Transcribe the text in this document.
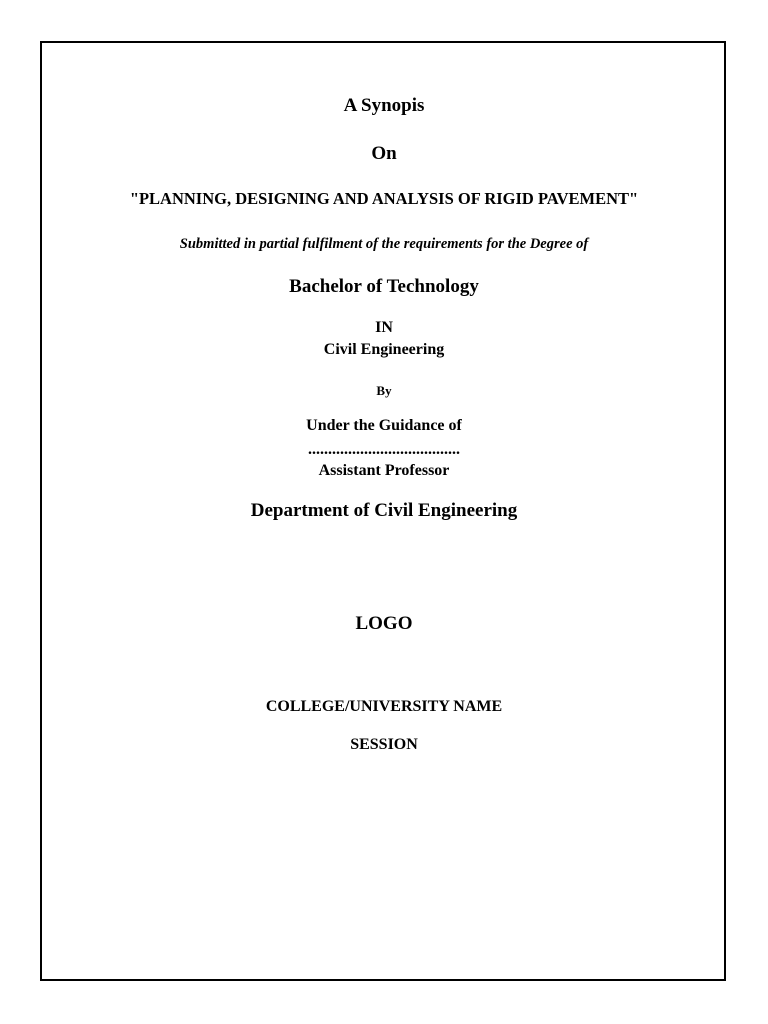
A Synopis
On
"PLANNING, DESIGNING AND ANALYSIS OF RIGID PAVEMENT"
Submitted in partial fulfilment of the requirements for the Degree of
Bachelor of Technology
IN
Civil Engineering
By
Under the Guidance of
......................................
Assistant Professor
Department of Civil Engineering
LOGO
COLLEGE/UNIVERSITY NAME
SESSION
